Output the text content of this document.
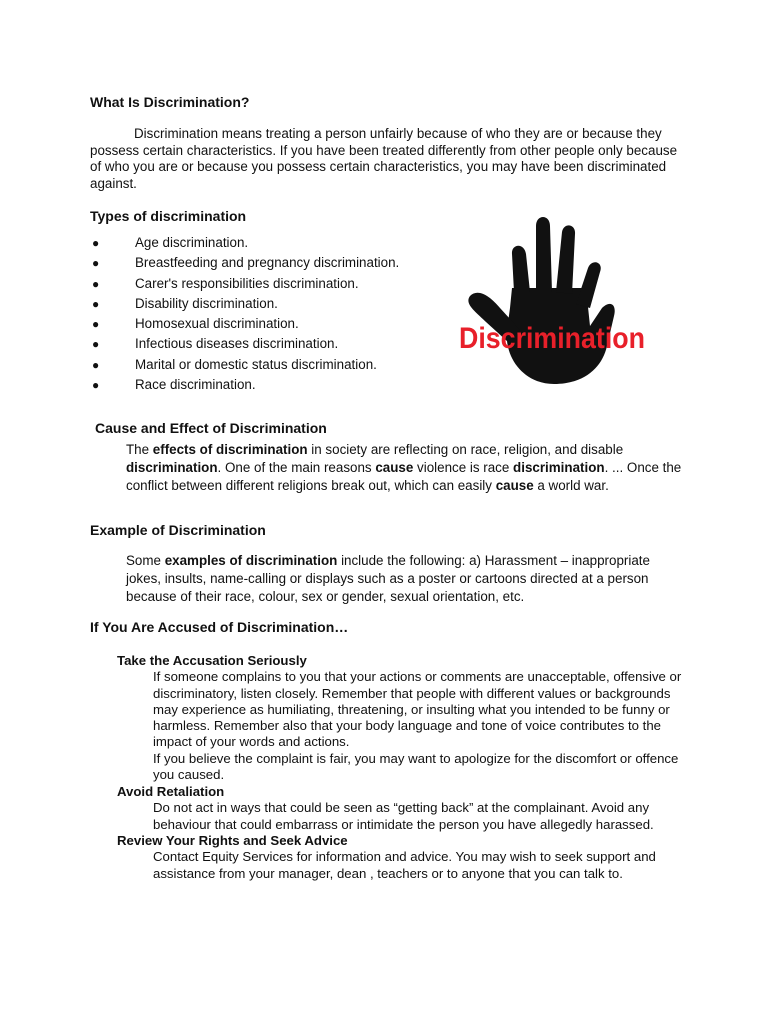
What Is Discrimination?

Discrimination means treating a person unfairly because of who they are or because they possess certain characteristics. If you have been treated differently from other people only because of who you are or because you possess certain characteristics, you may have been discriminated against.

Types of discrimination
●	Age discrimination.
●	Breastfeeding and pregnancy discrimination.
●	Carer's responsibilities discrimination.
●	Disability discrimination.
●	Homosexual discrimination.
●	Infectious diseases discrimination.
●	Marital or domestic status discrimination.
●	Race discrimination.
Discrimination
Cause and Effect of Discrimination

The effects of discrimination in society are reflecting on race, religion, and disable discrimination. One of the main reasons cause violence is race discrimination. ... Once the conflict between different religions break out, which can easily cause a world war.

Example of Discrimination

Some examples of discrimination include the following: a) Harassment – inappropriate jokes, insults, name-calling or displays such as a poster or cartoons directed at a person because of their race, colour, sex or gender, sexual orientation, etc.

If You Are Accused of Discrimination…
Take the Accusation Seriously

If someone complains to you that your actions or comments are unacceptable, offensive or discriminatory, listen closely. Remember that people with different values or backgrounds may experience as humiliating, threatening, or insulting what you intended to be funny or harmless. Remember also that your body language and tone of voice contributes to the impact of your words and actions.

If you believe the complaint is fair, you may want to apologize for the discomfort or offence you caused.

Avoid Retaliation

Do not act in ways that could be seen as “getting back” at the complainant. Avoid any behaviour that could embarrass or intimidate the person you have allegedly harassed.

Review Your Rights and Seek Advice

Contact Equity Services for information and advice. You may wish to seek support and assistance from your manager, dean , teachers or to anyone that you can talk to.
